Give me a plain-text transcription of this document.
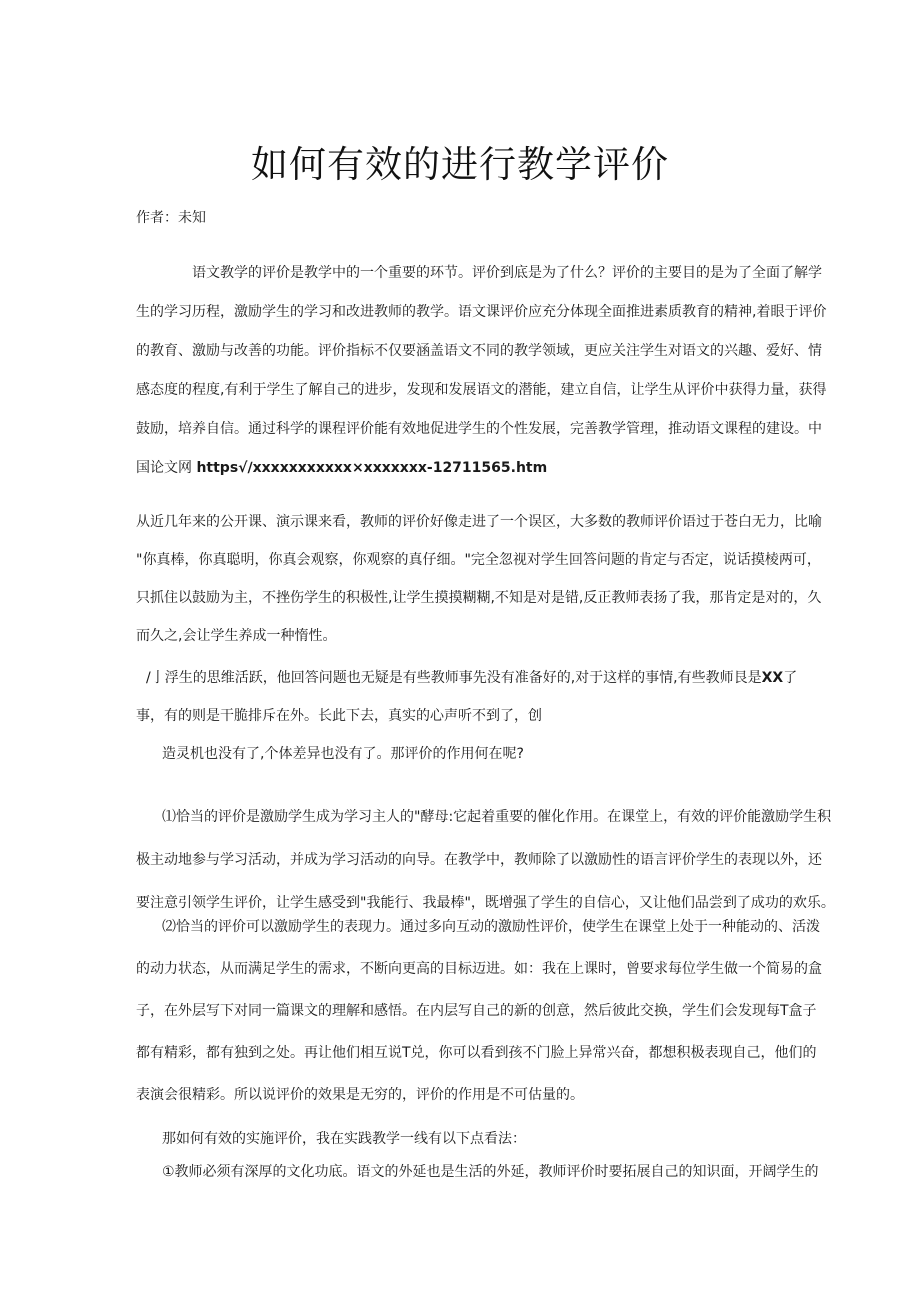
如何有效的进行教学评价
作者：未知
语文教学的评价是教学中的一个重要的环节。评价到底是为了什么？评价的主要目的是为了全面了解学
生的学习历程，激励学生的学习和改进教师的教学。语文课评价应充分体现全面推进素质教育的精神,着眼于评价
的教育、激励与改善的功能。评价指标不仅要涵盖语文不同的教学领域，更应关注学生对语文的兴趣、爱好、情
感态度的程度,有利于学生了解自己的进步，发现和发展语文的潜能，建立自信，让学生从评价中获得力量，获得
鼓励，培养自信。通过科学的课程评价能有效地促进学生的个性发展，完善教学管理，推动语文课程的建设。中
国论文网 https√∕xxxxxxxxxxx×xxxxxxx-12711565.htm
从近几年来的公开课、演示课来看，教师的评价好像走进了一个误区，大多数的教师评价语过于苍白无力，比喻
"你真棒，你真聪明，你真会观察，你观察的真仔细。"完全忽视对学生回答问题的肯定与否定，说话摸棱两可，
只抓住以鼓励为主，不挫伤学生的积极性,让学生摸摸糊糊,不知是对是错,反正教师表扬了我，那肯定是对的，久
而久之,会让学生养成一种惰性。
/亅浮生的思维活跃，他回答问题也无疑是有些教师事先没有准备好的,对于这样的事情,有些教师艮是XX了
事，有的则是干脆排斥在外。长此下去，真实的心声听不到了，创
造灵机也没有了,个体差异也没有了。那评价的作用何在呢?
⑴恰当的评价是激励学生成为学习主人的"酵母:它起着重要的催化作用。在课堂上，有效的评价能激励学生积
极主动地参与学习活动，并成为学习活动的向导。在教学中，教师除了以激励性的语言评价学生的表现以外，还
要注意引领学生评价，让学生感受到"我能行、我最棒"，既增强了学生的自信心，又让他们品尝到了成功的欢乐。
⑵恰当的评价可以激励学生的表现力。通过多向互动的激励性评价，使学生在课堂上处于一种能动的、活泼
的动力状态，从而满足学生的需求，不断向更高的目标迈进。如：我在上课时，曾要求每位学生做一个简易的盒
子，在外层写下对同一篇课文的理解和感悟。在内层写自己的新的创意，然后彼此交换，学生们会发现每T盒子
都有精彩，都有独到之处。再让他们相互说T兑，你可以看到孩不门脸上异常兴奋，都想积极表现自己，他们的
表演会很精彩。所以说评价的效果是无穷的，评价的作用是不可估量的。
那如何有效的实施评价，我在实践教学一线有以下点看法：
①教师必须有深厚的文化功底。语文的外延也是生活的外延，教师评价时要拓展自己的知识面，开阔学生的
